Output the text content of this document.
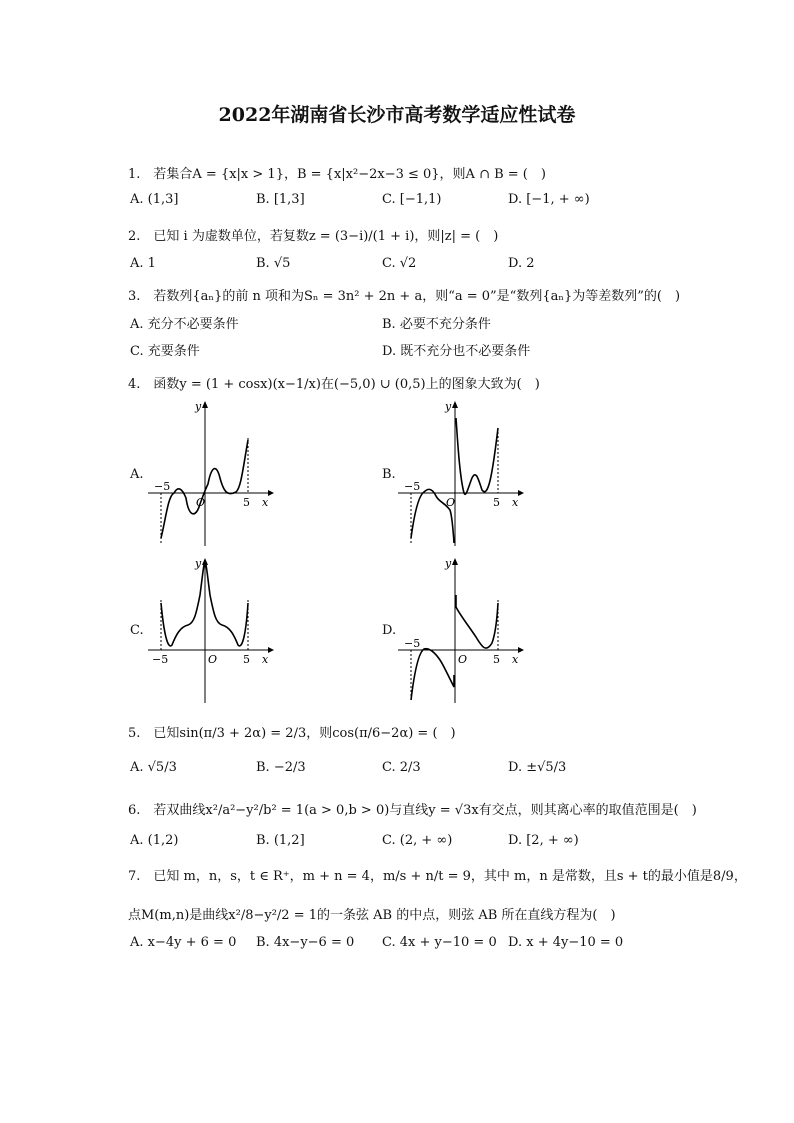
2022年湖南省长沙市高考数学适应性试卷
1.　若集合A = {x|x > 1}，B = {x|x²−2x−3 ≤ 0}，则A ∩ B = (　)
A. (1,3]	B. [1,3]	C. [−1,1)	D. [−1, + ∞)
2.　已知 i 为虚数单位，若复数z = (3−i)/(1 + i)，则|z| = (　)
A. 1	B. √5	C. √2	D. 2
3.　若数列{aₙ}的前 n 项和为Sₙ = 3n² + 2n + a，则“a = 0”是“数列{aₙ}为等差数列”的(　)
A. 充分不必要条件	B. 必要不充分条件
C. 充要条件	D. 既不充分也不必要条件
4.　函数y = (1 + cosx)(x−1/x)在(−5,0) ∪ (0,5)上的图象大致为(　)
A.	B.
C.	D.
y
x
O
−5
5
y
x
O
−5
5
y
x
O
−5	5
y
x
O
−5
5
5.　已知sin(π/3 + 2α) = 2/3，则cos(π/6−2α) = (　)
A. √5/3	B. −2/3	C. 2/3	D. ±√5/3
6.　若双曲线x²/a²−y²/b² = 1(a > 0,b > 0)与直线y = √3x有交点，则其离心率的取值范围是(　)
A. (1,2)	B. (1,2]	C. (2, + ∞)	D. [2, + ∞)
7.　已知 m，n，s，t ∈ R⁺，m + n = 4，m/s + n/t = 9，其中 m，n 是常数，且s + t的最小值是8/9，
点M(m,n)是曲线x²/8−y²/2 = 1的一条弦 AB 的中点，则弦 AB 所在直线方程为(　)
A. x−4y + 6 = 0 B. 4x−y−6 = 0 C. 4x + y−10 = 0 D. x + 4y−10 = 0
